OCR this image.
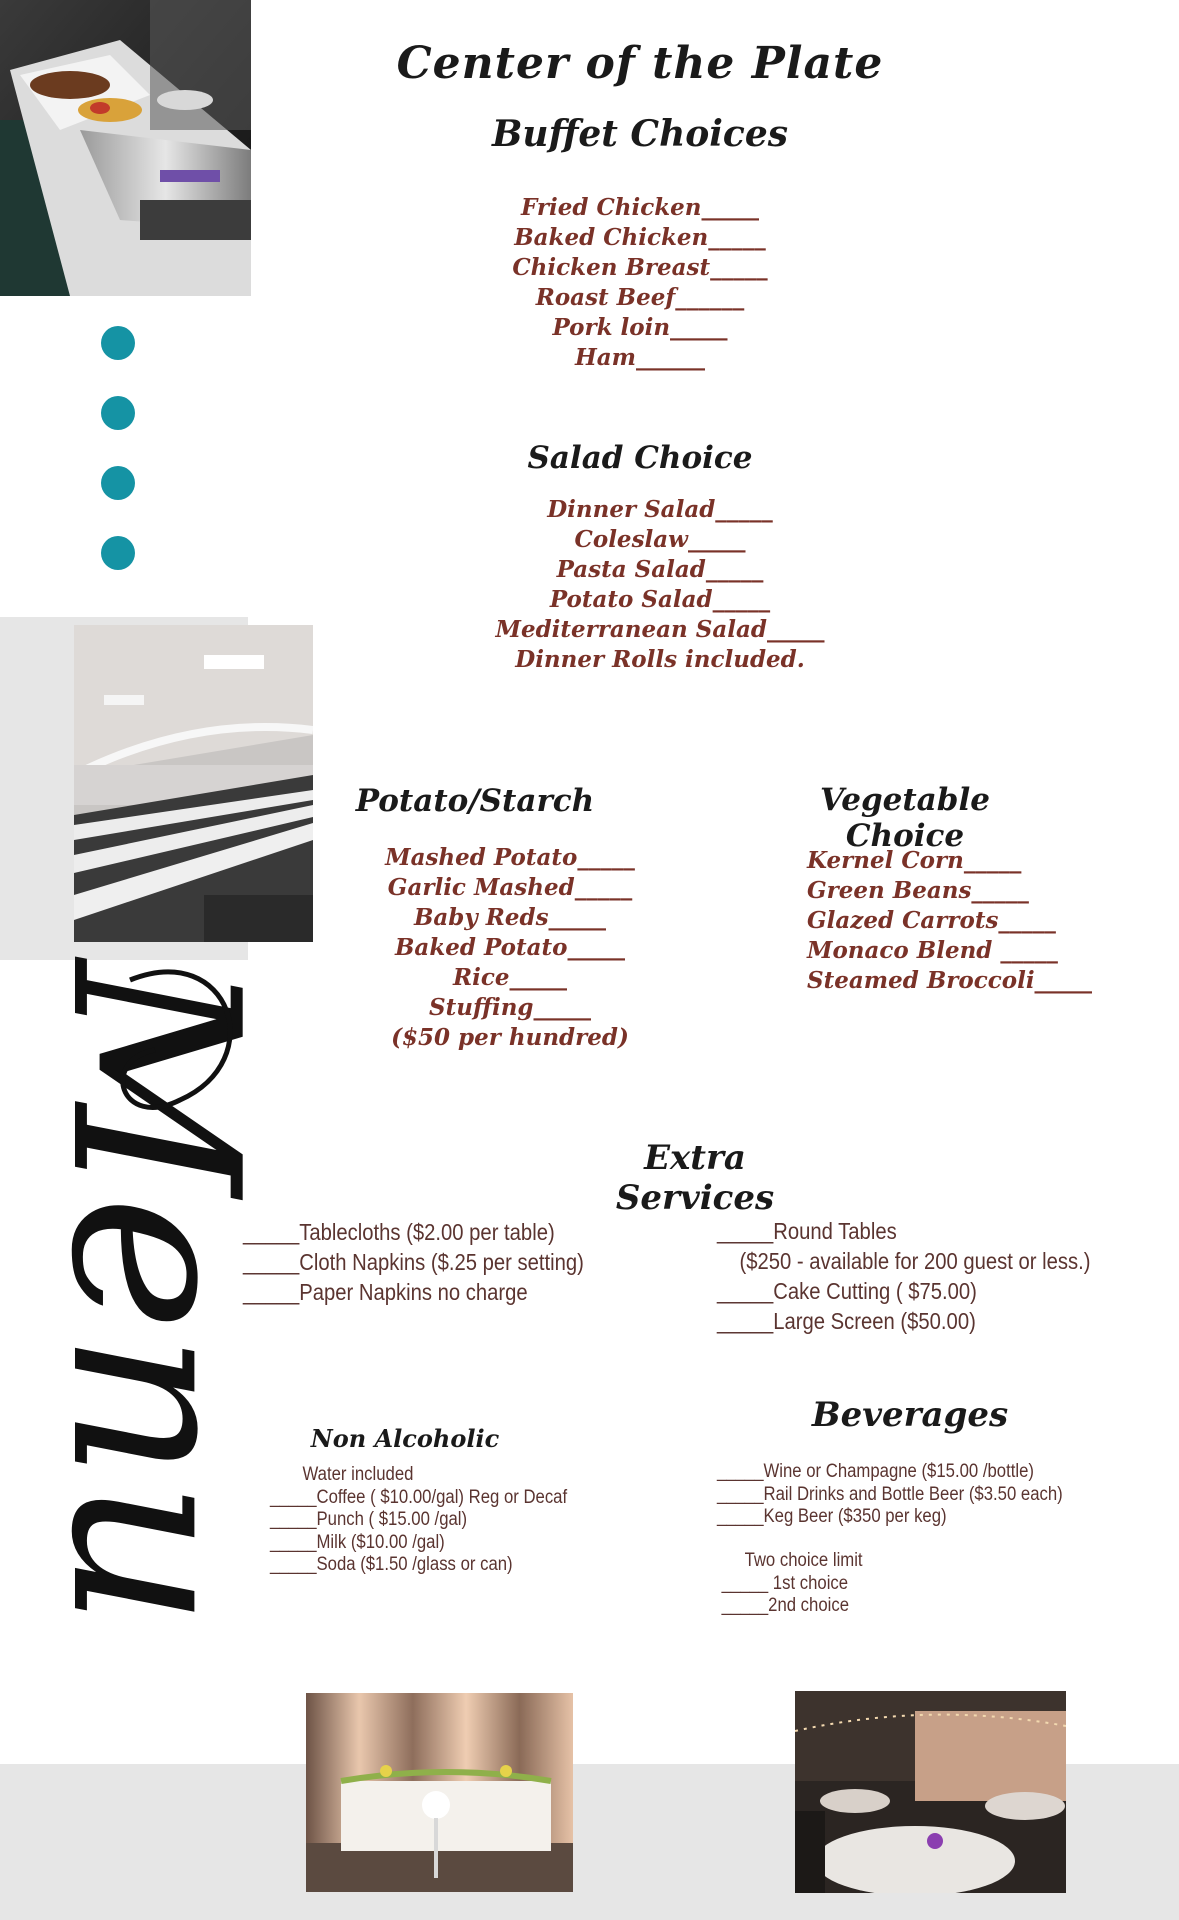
Menu
Center of the Plate
Buffet Choices
Fried Chicken_____
Baked Chicken_____
Chicken Breast_____
Roast Beef______
Pork loin_____
Ham______
Salad Choice
Dinner Salad_____
Coleslaw_____
Pasta Salad_____
Potato Salad_____
Mediterranean Salad_____
Dinner Rolls included.
Potato/Starch
Mashed Potato_____
Garlic Mashed_____
Baby Reds_____
Baked Potato_____
Rice_____
Stuffing_____
($50 per hundred)
Vegetable Choice
Kernel Corn_____
Green Beans_____
Glazed Carrots_____
Monaco Blend _____
Steamed Broccoli_____
Extra Services
_____Tablecloths ($2.00 per table)
_____Cloth Napkins ($.25 per setting)
_____Paper Napkins no charge
_____Round Tables
($250 - available for 200 guest or less.)
_____Cake Cutting ( $75.00)
_____Large Screen ($50.00)
Non Alcoholic
Water included
_____Coffee ( $10.00/gal) Reg or Decaf
_____Punch ( $15.00 /gal)
_____Milk ($10.00 /gal)
_____Soda ($1.50 /glass or can)
Beverages
_____Wine or Champagne ($15.00 /bottle)
_____Rail Drinks and Bottle Beer ($3.50 each)
_____Keg Beer ($350 per keg)
Two choice limit
_____ 1st choice
_____2nd choice
